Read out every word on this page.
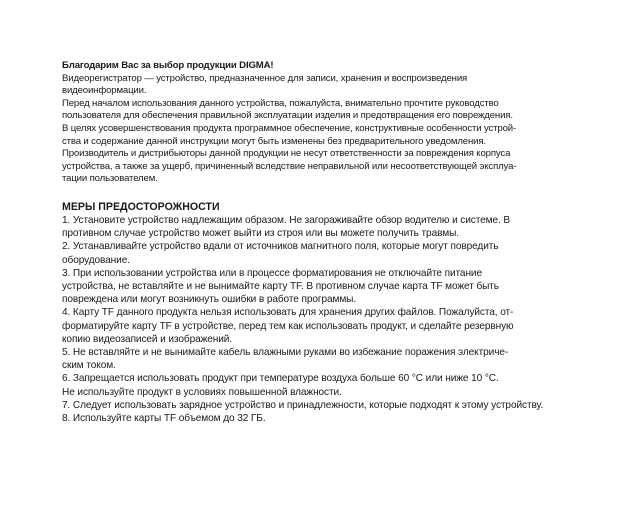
Благодарим Вас за выбор продукции DIGMA!

Видеорегистратор — устройство, предназначенное для записи, хранения и воспроизведения

видеоинформации.

Перед началом использования данного устройства, пожалуйста, внимательно прочтите руководство

пользователя для обеспечения правильной эксплуатации изделия и предотвращения его повреждения.

В целях усовершенствования продукта программное обеспечение, конструктивные особенности устрой-

ства и содержание данной инструкции могут быть изменены без предварительного уведомления.

Производитель и дистрибьюторы данной продукции не несут ответственности за повреждения корпуса

устройства, а также за ущерб, причиненный вследствие неправильной или несоответствующей эксплуа-

тации пользователем.

МЕРЫ ПРЕДОСТОРОЖНОСТИ

1. Установите устройство надлежащим образом. Не загораживайте обзор водителю и системе. В

противном случае устройство может выйти из строя или вы можете получить травмы.

2. Устанавливайте устройство вдали от источников магнитного поля, которые могут повредить

оборудование.

3. При использовании устройства или в процессе форматирования не отключайте питание

устройства, не вставляйте и не вынимайте карту TF. В противном случае карта TF может быть

повреждена или могут возникнуть ошибки в работе программы.

4. Карту TF данного продукта нельзя использовать для хранения других файлов. Пожалуйста, от-

форматируйте карту TF в устройстве, перед тем как использовать продукт, и сделайте резервную

копию видеозаписей и изображений.

5. Не вставляйте и не вынимайте кабель влажными руками во избежание поражения электриче-

ским током.

6. Запрещается использовать продукт при температуре воздуха больше 60 °С или ниже 10 °С.

Не используйте продукт в условиях повышенной влажности.

7. Следует использовать зарядное устройство и принадлежности, которые подходят к этому устройству.

8. Используйте карты TF объемом до 32 ГБ.
